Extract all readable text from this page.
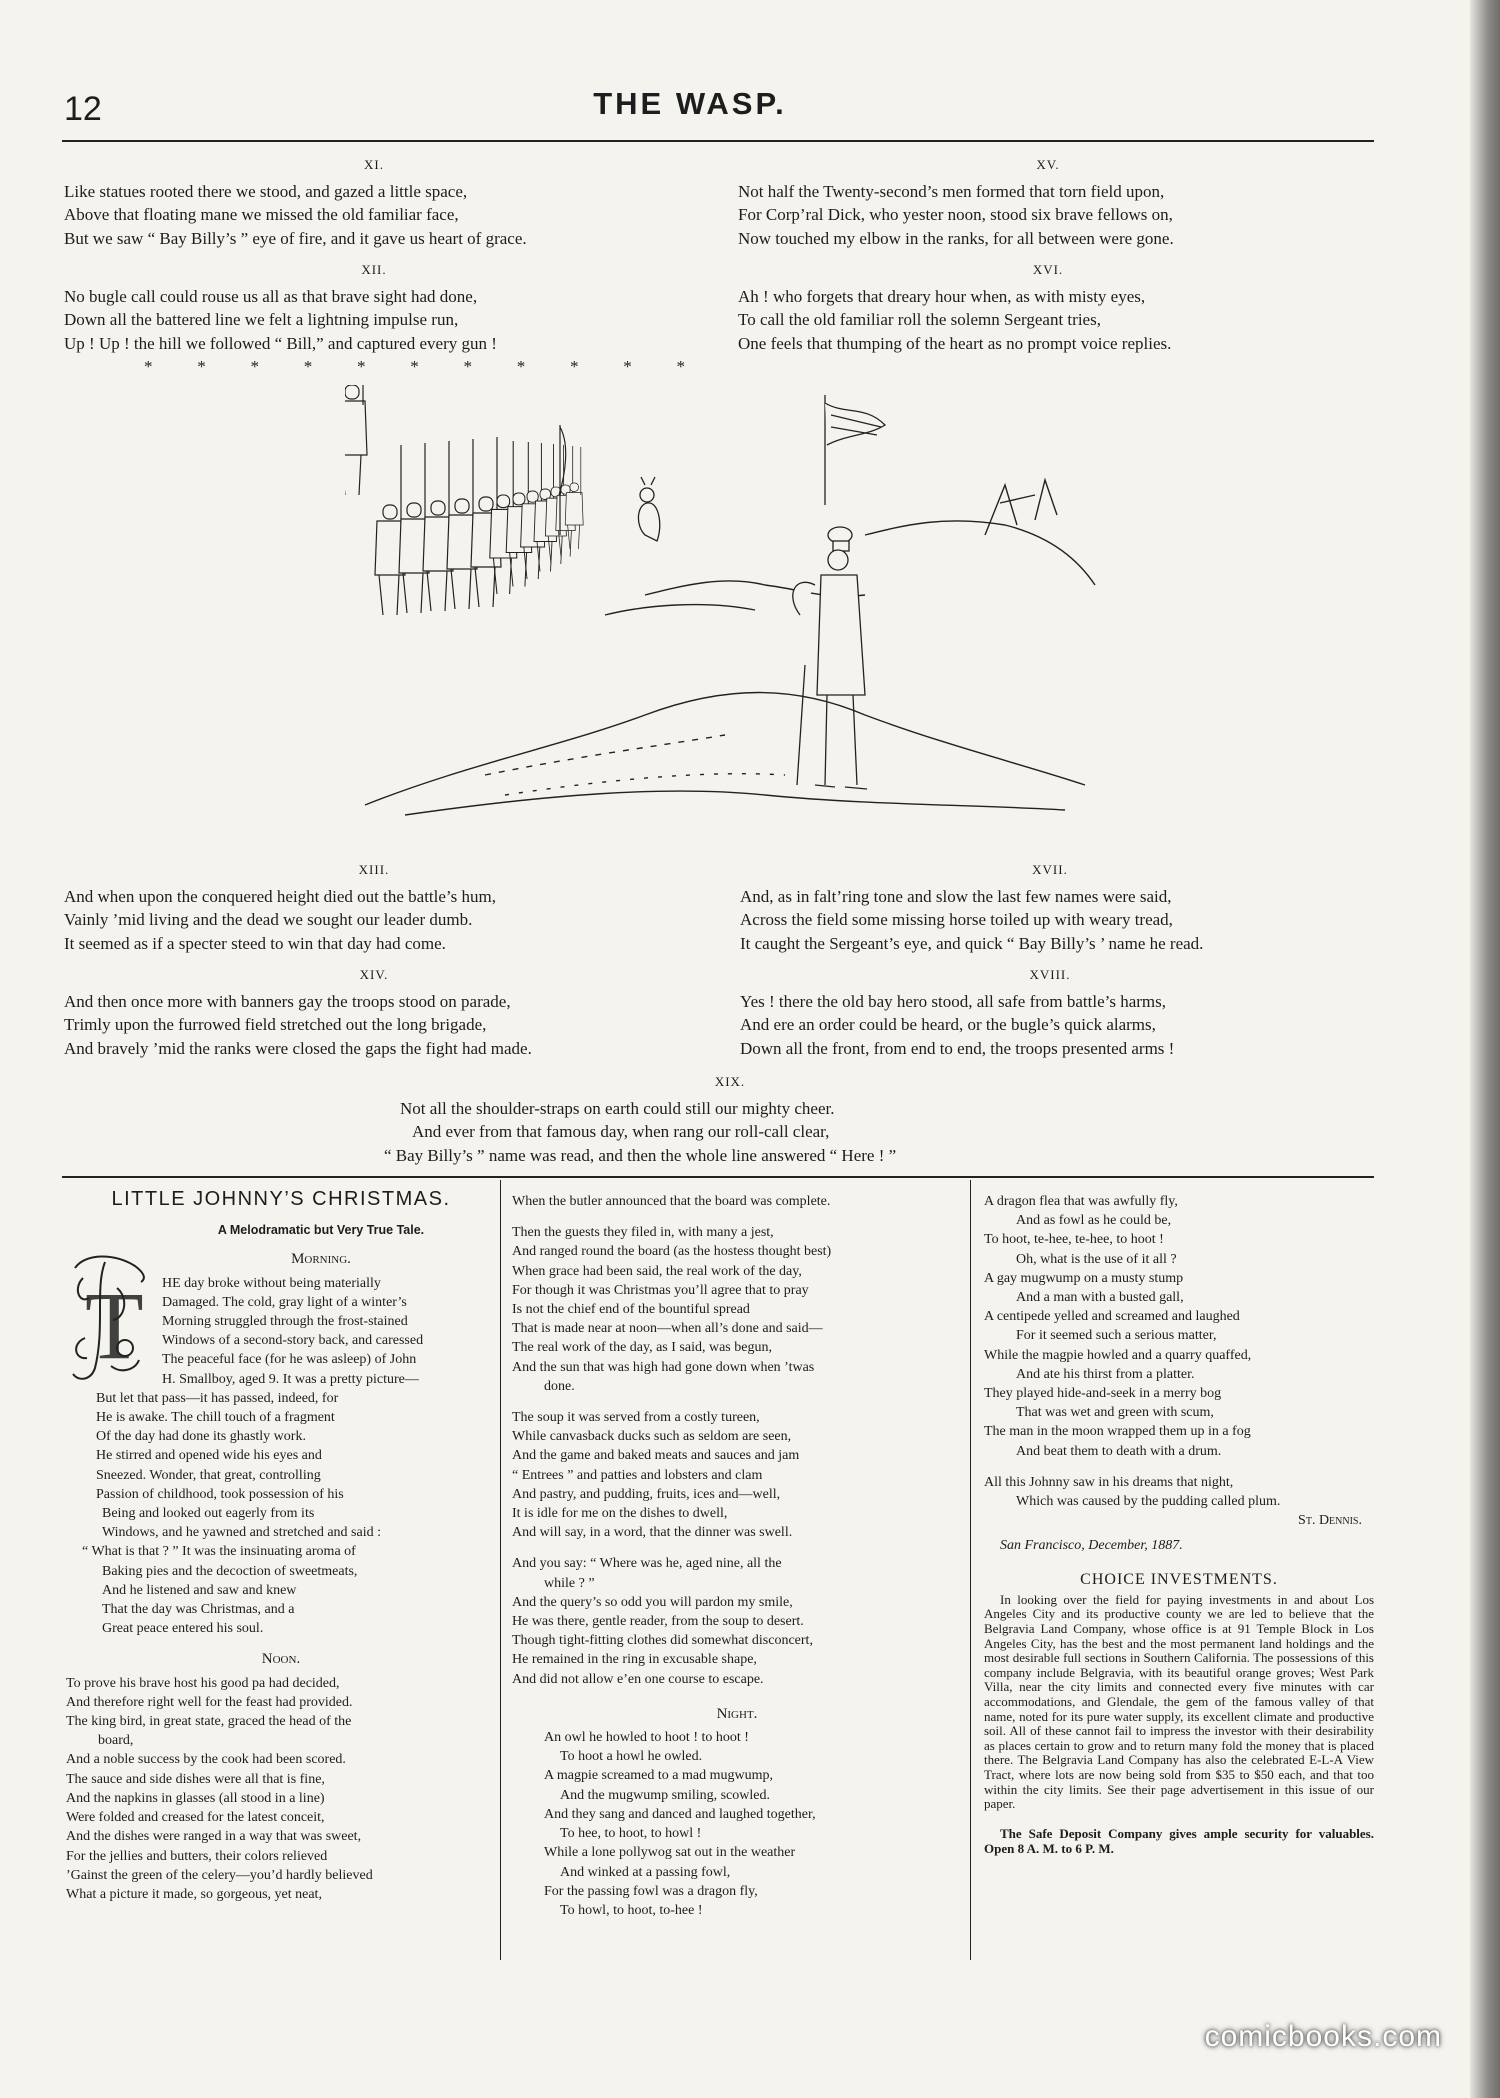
12	THE WASP.
XI.
Like statues rooted there we stood, and gazed a little space,
Above that floating mane we missed the old familiar face,
But we saw “ Bay Billy’s ” eye of fire, and it gave us heart of grace.
XII.
No bugle call could rouse us all as that brave sight had done,
Down all the battered line we felt a lightning impulse run,
Up ! Up ! the hill we followed “ Bill,” and captured every gun !
*   *   *   *   *   *   *   *   *   *   *
XV.
Not half the Twenty-second’s men formed that torn field upon,
For Corp’ral Dick, who yester noon, stood six brave fellows on,
Now touched my elbow in the ranks, for all between were gone.
XVI.
Ah ! who forgets that dreary hour when, as with misty eyes,
To call the old familiar roll the solemn Sergeant tries,
One feels that thumping of the heart as no prompt voice replies.
XIII.
And when upon the conquered height died out the battle’s hum,
Vainly ’mid living and the dead we sought our leader dumb.
It seemed as if a specter steed to win that day had come.
XIV.
And then once more with banners gay the troops stood on parade,
Trimly upon the furrowed field stretched out the long brigade,
And bravely ’mid the ranks were closed the gaps the fight had made.
XVII.
And, as in falt’ring tone and slow the last few names were said,
Across the field some missing horse toiled up with weary tread,
It caught the Sergeant’s eye, and quick “ Bay Billy’s ’ name he read.
XVIII.
Yes ! there the old bay hero stood, all safe from battle’s harms,
And ere an order could be heard, or the bugle’s quick alarms,
Down all the front, from end to end, the troops presented arms !
XIX.
Not all the shoulder-straps on earth could still our mighty cheer.
And ever from that famous day, when rang our roll-call clear,
“ Bay Billy’s ” name was read, and then the whole line answered “ Here ! ”
LITTLE JOHNNY’S CHRISTMAS.
A Melodramatic but Very True Tale.
Morning.
HE day broke without being materially
Damaged. The cold, gray light of a winter’s
Morning struggled through the frost-stained
Windows of a second-story back, and caressed
The peaceful face (for he was asleep) of John
H. Smallboy, aged 9. It was a pretty picture—
But let that pass—it has passed, indeed, for
He is awake. The chill touch of a fragment
Of the day had done its ghastly work.
He stirred and opened wide his eyes and
Sneezed. Wonder, that great, controlling
Passion of childhood, took possession of his
Being and looked out eagerly from its
Windows, and he yawned and stretched and said :
“ What is that ? ” It was the insinuating aroma of
Baking pies and the decoction of sweetmeats,
And he listened and saw and knew
That the day was Christmas, and a
Great peace entered his soul.
Noon.
To prove his brave host his good pa had decided,
And therefore right well for the feast had provided.
The king bird, in great state, graced the head of the
board,
And a noble success by the cook had been scored.
The sauce and side dishes were all that is fine,
And the napkins in glasses (all stood in a line)
Were folded and creased for the latest conceit,
And the dishes were ranged in a way that was sweet,
For the jellies and butters, their colors relieved
’Gainst the green of the celery—you’d hardly believed
What a picture it made, so gorgeous, yet neat,
T
When the butler announced that the board was complete.
Then the guests they filed in, with many a jest,
And ranged round the board (as the hostess thought best)
When grace had been said, the real work of the day,
For though it was Christmas you’ll agree that to pray
Is not the chief end of the bountiful spread
That is made near at noon—when all’s done and said—
The real work of the day, as I said, was begun,
And the sun that was high had gone down when ’twas
done.
The soup it was served from a costly tureen,
While canvasback ducks such as seldom are seen,
And the game and baked meats and sauces and jam
“ Entrees ” and patties and lobsters and clam
And pastry, and pudding, fruits, ices and—well,
It is idle for me on the dishes to dwell,
And will say, in a word, that the dinner was swell.
And you say: “ Where was he, aged nine, all the
while ? ”
And the query’s so odd you will pardon my smile,
He was there, gentle reader, from the soup to desert.
Though tight-fitting clothes did somewhat disconcert,
He remained in the ring in excusable shape,
And did not allow e’en one course to escape.
Night.
An owl he howled to hoot ! to hoot !
To hoot a howl he owled.
A magpie screamed to a mad mugwump,
And the mugwump smiling, scowled.
And they sang and danced and laughed together,
To hee, to hoot, to howl !
While a lone pollywog sat out in the weather
And winked at a passing fowl,
For the passing fowl was a dragon fly,
To howl, to hoot, to-hee !
A dragon flea that was awfully fly,
And as fowl as he could be,
To hoot, te-hee, te-hee, to hoot !
Oh, what is the use of it all ?
A gay mugwump on a musty stump
And a man with a busted gall,
A centipede yelled and screamed and laughed
For it seemed such a serious matter,
While the magpie howled and a quarry quaffed,
And ate his thirst from a platter.
They played hide-and-seek in a merry bog
That was wet and green with scum,
The man in the moon wrapped them up in a fog
And beat them to death with a drum.
All this Johnny saw in his dreams that night,
Which was caused by the pudding called plum.
St. Dennis.
San Francisco, December, 1887.
CHOICE INVESTMENTS.
In looking over the field for paying investments in and about Los Angeles City and its productive county we are led to believe that the Belgravia Land Company, whose office is at 91 Temple Block in Los Angeles City, has the best and the most permanent land holdings and the most desirable full sections in Southern California. The possessions of this company include Belgravia, with its beautiful orange groves; West Park Villa, near the city limits and connected every five minutes with car accommodations, and Glendale, the gem of the famous valley of that name, noted for its pure water supply, its excellent climate and productive soil. All of these cannot fail to impress the investor with their desirability as places certain to grow and to return many fold the money that is placed there. The Belgravia Land Company has also the celebrated E-L-A View Tract, where lots are now being sold from $35 to $50 each, and that too within the city limits. See their page advertisement in this issue of our paper.
The Safe Deposit Company gives ample security for valuables. Open 8 A. M. to 6 P. M.
comicbooks.com
